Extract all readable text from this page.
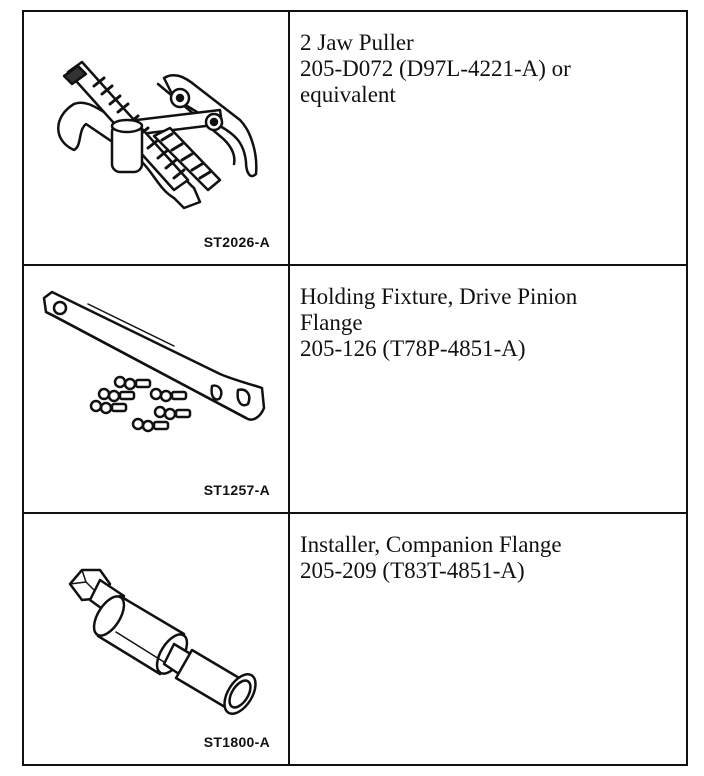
ST2026-A	2 Jaw Puller
205-D072 (D97L-4221-A) or
equivalent

ST1257-A	Holding Fixture, Drive Pinion
Flange
205-126 (T78P-4851-A)

ST1800-A	Installer, Companion Flange
205-209 (T83T-4851-A)
